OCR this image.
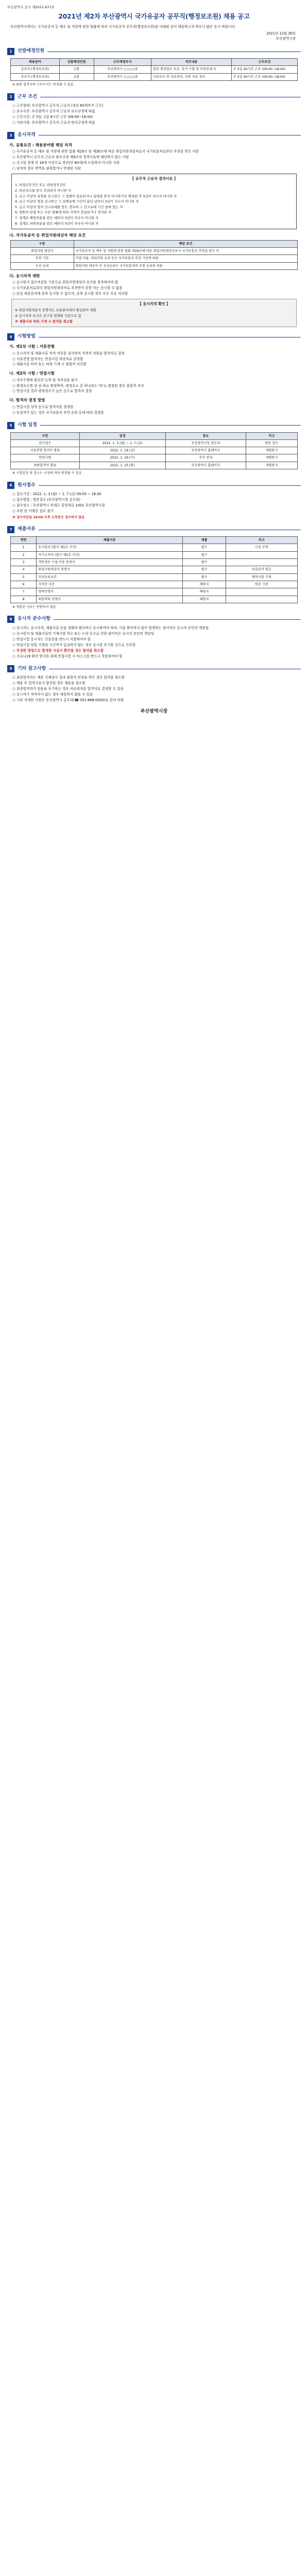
부산광역시 공고 제2021-871호
2021년 제2차 부산광역시 국가유공자 공무직(행정보조원) 채용 공고
부산광역시에서는 국가유공자 등 예우 및 지원에 관한 법률에 따라 국가유공자 공무직(행정보조원)을 아래와 같이 채용하고자 하오니 많은 응시 바랍니다.
2021년 12월 30일
부산광역시장
1	선발예정인원
채용분야	선발예정인원	근무예정부서	직무내용	근무조건
공무직 (행정보조원)	1명	부산광역시 ○○○○과	일반 행정업무 보조, 문서 수발 및 민원응대 등	주 5일 40시간 근무 (09:00~18:00)
공무직 (행정보조원)	1명	부산광역시 ○○○○과	사무보조 및 자료정리, 각종 서류 정리	주 5일 40시간 근무 (09:00~18:00)
※ 최종 합격자의 근무부서는 변경될 수 있음
2	근무 조건
○ 근무형태: 부산광역시 공무직 근로자 (정년 60세까지 근무)
○ 보수수준: 부산광역시 공무직 근로자 보수규정에 따름
○ 근무시간: 주 5일, 1일 8시간 근무 (09:00~18:00)
○ 기타사항: 부산광역시 공무직 근로자 관리규정에 따름
3	응시자격
가. 공통요건 : 채용분야별 해당 자격
○ 국가유공자 등 예우 및 지원에 관한 법률 제29조 및 제30조에 따른 취업지원대상자로서 국가보훈처로부터 추천을 받은 사람
○ 부산광역시 공무직 근로자 관리규정 제9조의 결격사유에 해당하지 않는 사람
○ 공고일 현재 만 18세 이상으로 정년(만 60세)에 도달하지 아니한 사람
○ 남자의 경우 병역을 필하였거나 면제된 사람
【 공무직 근로자 결격사유 】
1. 피성년후견인 또는 피한정후견인
2. 파산선고를 받고 복권되지 아니한 자
3. 금고 이상의 실형을 선고받고 그 집행이 종료되거나 집행을 받지 아니하기로 확정된 후 5년이 지나지 아니한 자
4. 금고 이상의 형을 선고받고 그 집행유예 기간이 끝난 날부터 2년이 지나지 아니한 자
5. 금고 이상의 형의 선고유예를 받은 경우에 그 선고유예 기간 중에 있는 자
6. 법원의 판결 또는 다른 법률에 따라 자격이 상실되거나 정지된 자
7. 징계로 해임처분을 받은 때부터 3년이 지나지 아니한 자
8. 징계로 파면처분을 받은 때부터 5년이 지나지 아니한 자
나. 국가유공자 등 취업지원대상자 해당 요건
구분	해당 요건
취업지원 대상자	국가유공자 등 예우 및 지원에 관한 법률 제29조에 따른 취업지원대상자로서 국가보훈처 추천을 받은 자
추천 기준	가점 비율, 취업지원 순위 등은 국가보훈처 추천 기준에 따름
우선 순위	취업지원 대상자 간 우선순위는 국가보훈처의 추천 순위를 따름
다. 응시자격 제한
○ 응시원서 접수마감일 기준으로 취업지원대상자 요건을 충족하여야 함
○ 국가보훈처로부터 취업지원대상자로 추천받지 못한 자는 응시할 수 없음
○ 동일 채용분야에 중복 응시할 수 없으며, 중복 응시할 경우 모두 무효 처리함
【 응시자격 확인 】
※ 취업지원대상자 증명서는 보훈관서에서 발급받아 제출
※ 응시자격 요건은 공고일 현재를 기준으로 함
※ 제출서류 허위 기재 시 합격을 취소함
4	시험방법
가. 제1차 시험 : 서류전형
○ 응시자격 및 제출서류 적격 여부를 심사하여 적격자 전원을 합격자로 결정
○ 서류전형 합격자는 면접시험 대상자로 결정함
○ 제출서류 미비 또는 허위 기재 시 불합격 처리함
나. 제2차 시험 : 면접시험
○ 직무수행에 필요한 능력 및 적격성을 평가
○ 평정요소별 상·중·하로 평정하며, 평정요소 중 하나라도 '하'로 평정된 경우 불합격 처리
○ 면접시험 결과 평정점수가 높은 순으로 합격자 결정
다. 합격자 결정 방법
○ 면접시험 성적 순으로 합격자를 결정함
○ 동점자가 있는 경우 국가보훈처 추천 순위 등에 따라 결정함
5	시험 일정
구분	일정	장소	비고
원서접수	2022. 1. 3.(월) ~ 1. 7.(금)	부산광역시청 총무과	방문 접수
서류전형 합격자 발표	2022. 1. 14.(금)	부산광역시 홈페이지	개별통지
면접시험	2022. 1. 19.(수)	추후 안내	개별통지
최종합격자 발표	2022. 1. 25.(화)	부산광역시 홈페이지	개별통지
※ 시험일정 및 장소는 사정에 따라 변경될 수 있음
6	원서접수
○ 접수기간 : 2022. 1. 3.(월) ~ 1. 7.(금) 09:00 ~ 18:00
○ 접수방법 : 방문접수 (부산광역시청 총무과)
○ 접수장소 : 부산광역시 연제구 중앙대로 1001 부산광역시청
○ 우편 및 이메일 접수 불가
※ 접수마감일 18:00 이후 도착분은 접수하지 않음
7	제출서류
연번	제출서류	제출	비고
1	응시원서 (별지 제1호 서식)	필수	사진 부착
2	자기소개서 (별지 제2호 서식)	필수	
3	개인정보 수집·이용 동의서	필수	
4	취업지원대상자 증명서	필수	보훈관서 발급
5	주민등록초본	필수	병역사항 기재
6	자격증 사본	해당자	원본 지참
7	경력증명서	해당자	
8	최종학력 증명서	해당자	
※ 제출된 서류는 반환하지 않음
8	응시자 준수사항
○ 응시자는 응시자격, 제출서류 등을 정확히 확인하고 응시하여야 하며, 이를 확인하지 않아 발생하는 불이익은 응시자 본인의 책임임
○ 응시원서 및 제출서류의 기재사항 착오 또는 누락 등으로 인한 불이익은 응시자 본인의 책임임
○ 면접시험 응시자는 신분증을 반드시 지참하여야 함
○ 면접시험 당일 지정된 시간까지 입실하지 않는 경우 응시를 포기한 것으로 간주함
○ 부정한 방법으로 합격한 사실이 확인될 경우 합격을 취소함
○ 코로나19 확산 방지를 위해 면접시험 시 마스크를 반드시 착용하여야 함
9	기타 참고사항
○ 최종합격자는 채용 신체검사 결과 불합격 판정을 받은 경우 합격을 취소함
○ 채용 후 결격사유가 발견된 경우 채용을 취소함
○ 최종합격자가 임용을 포기하는 경우 차순위자를 합격자로 결정할 수 있음
○ 응시자가 적격자가 없는 경우 채용하지 않을 수 있음
○ 기타 자세한 사항은 부산광역시 총무과(☎ 051-888-0000)로 문의 바람
부산광역시장
